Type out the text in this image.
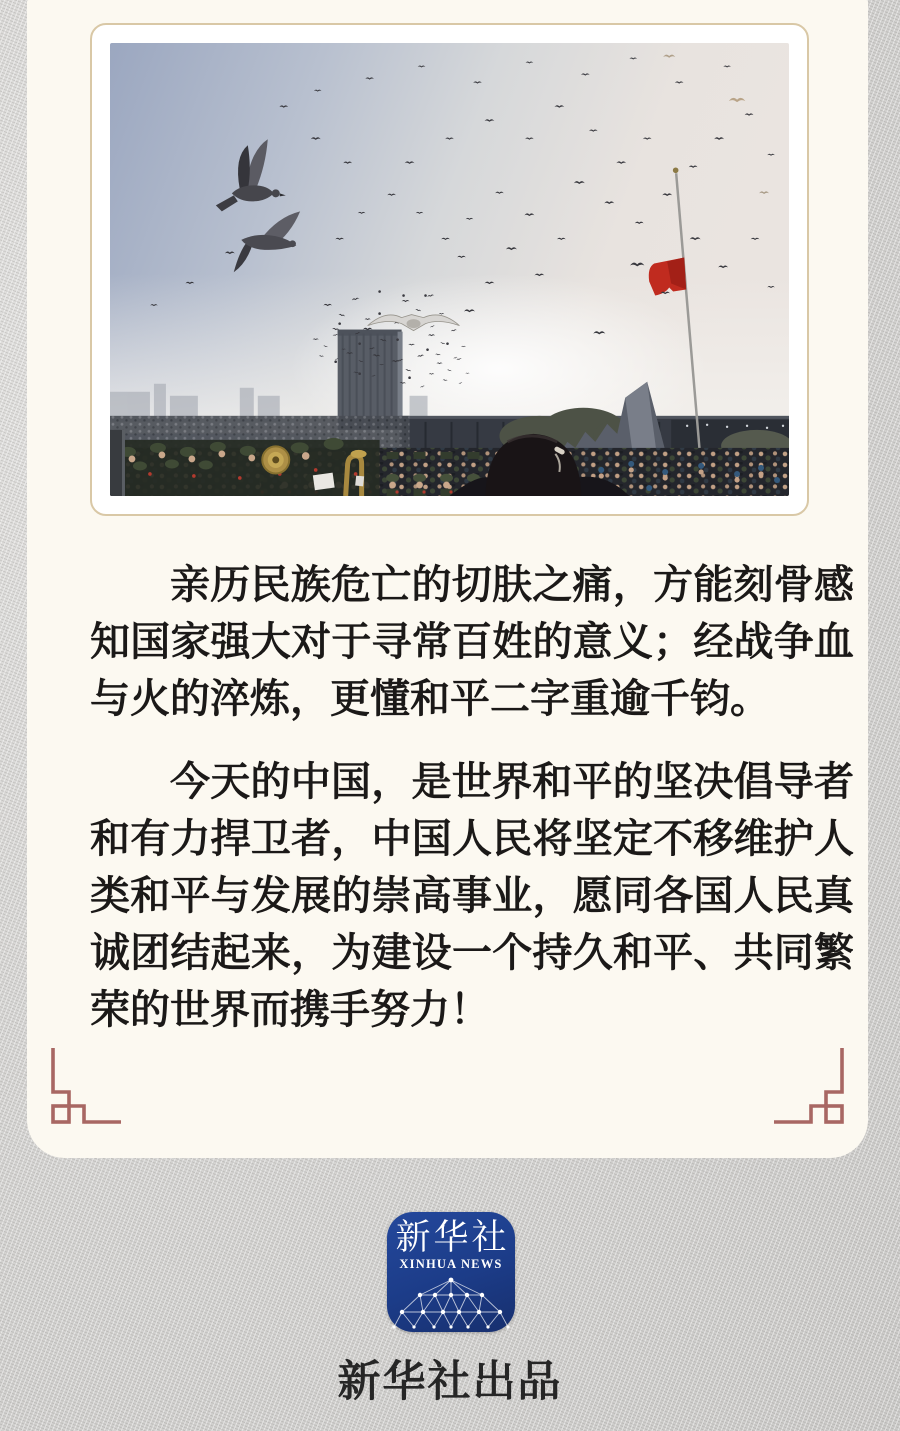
亲历民族危亡的切肤之痛，方能刻骨感知国家强大对于寻常百姓的意义；经战争血与火的淬炼，更懂和平二字重逾千钧。

今天的中国，是世界和平的坚决倡导者和有力捍卫者，中国人民将坚定不移维护人类和平与发展的崇高事业，愿同各国人民真诚团结起来，为建设一个持久和平、共同繁荣的世界而携手努力！

新华社
XINHUA NEWS
新华社出品
